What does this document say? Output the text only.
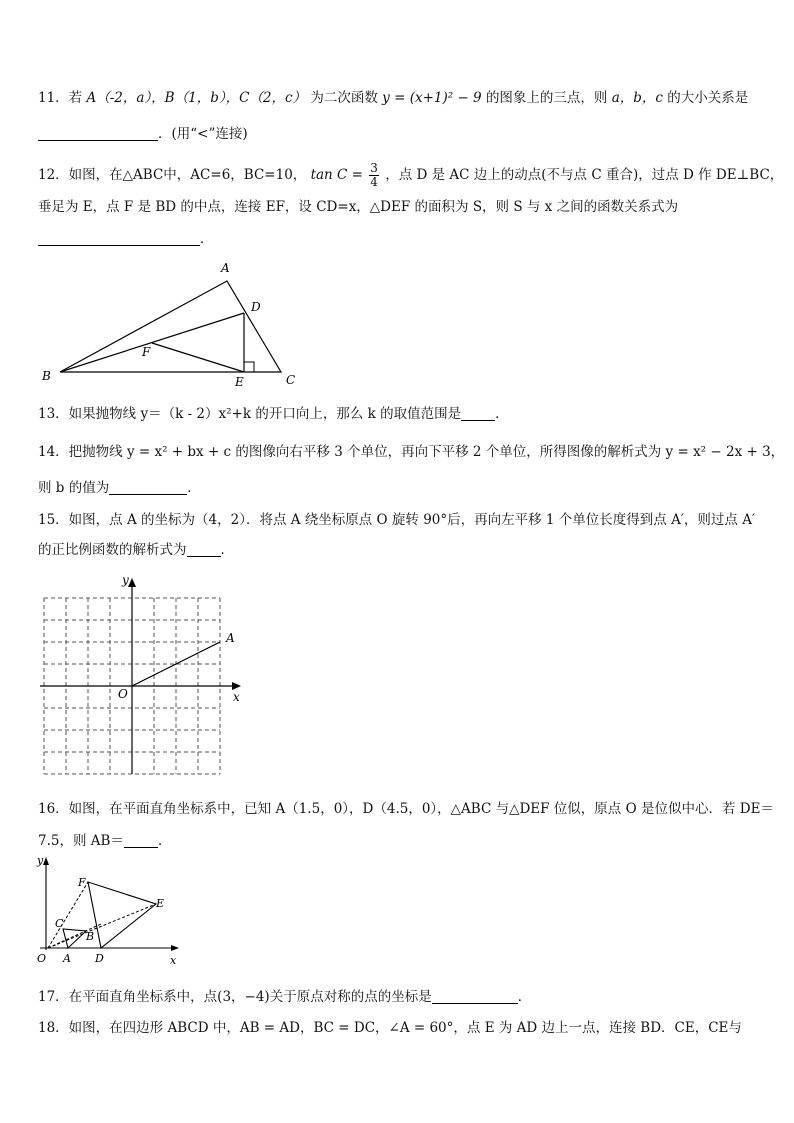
11．若 A（-2，a），B（1，b），C（2，c） 为二次函数 y = (x+1)² − 9 的图象上的三点，则 a，b，c 的大小关系是
．(用“<”连接)
12．如图，在△ABC中，AC=6，BC=10， $\tan C = \frac{3}{4}$ ，点 D 是 AC 边上的动点(不与点 C 重合)，过点 D 作 DE⊥BC，
垂足为 E，点 F 是 BD 的中点，连接 EF，设 CD=x，△DEF 的面积为 S，则 S 与 x 之间的函数关系式为
．
A
B	C
D
E
F
13．如果抛物线 y＝（k - 2）x²+k 的开口向上，那么 k 的取值范围是	．
14．把抛物线 y = x² + bx + c 的图像向右平移 3 个单位，再向下平移 2 个单位，所得图像的解析式为 y = x² − 2x + 3，
则 b 的值为	．
15．如图，点 A 的坐标为（4，2）．将点 A 绕坐标原点 O 旋转 90°后，再向左平移 1 个单位长度得到点 A′，则过点 A′
的正比例函数的解析式为	．
y
x
O
A
16．如图，在平面直角坐标系中，已知 A（1.5，0），D（4.5，0），△ABC 与△DEF 位似，原点 O 是位似中心．若 DE＝
7.5，则 AB＝	．
y
x
O A
B
C
D
E
F
17．在平面直角坐标系中，点(3，−4)关于原点对称的点的坐标是	．
18．如图，在四边形 ABCD 中，AB = AD，BC = DC，∠A = 60°，点 E 为 AD 边上一点，连接 BD．CE，CE与
